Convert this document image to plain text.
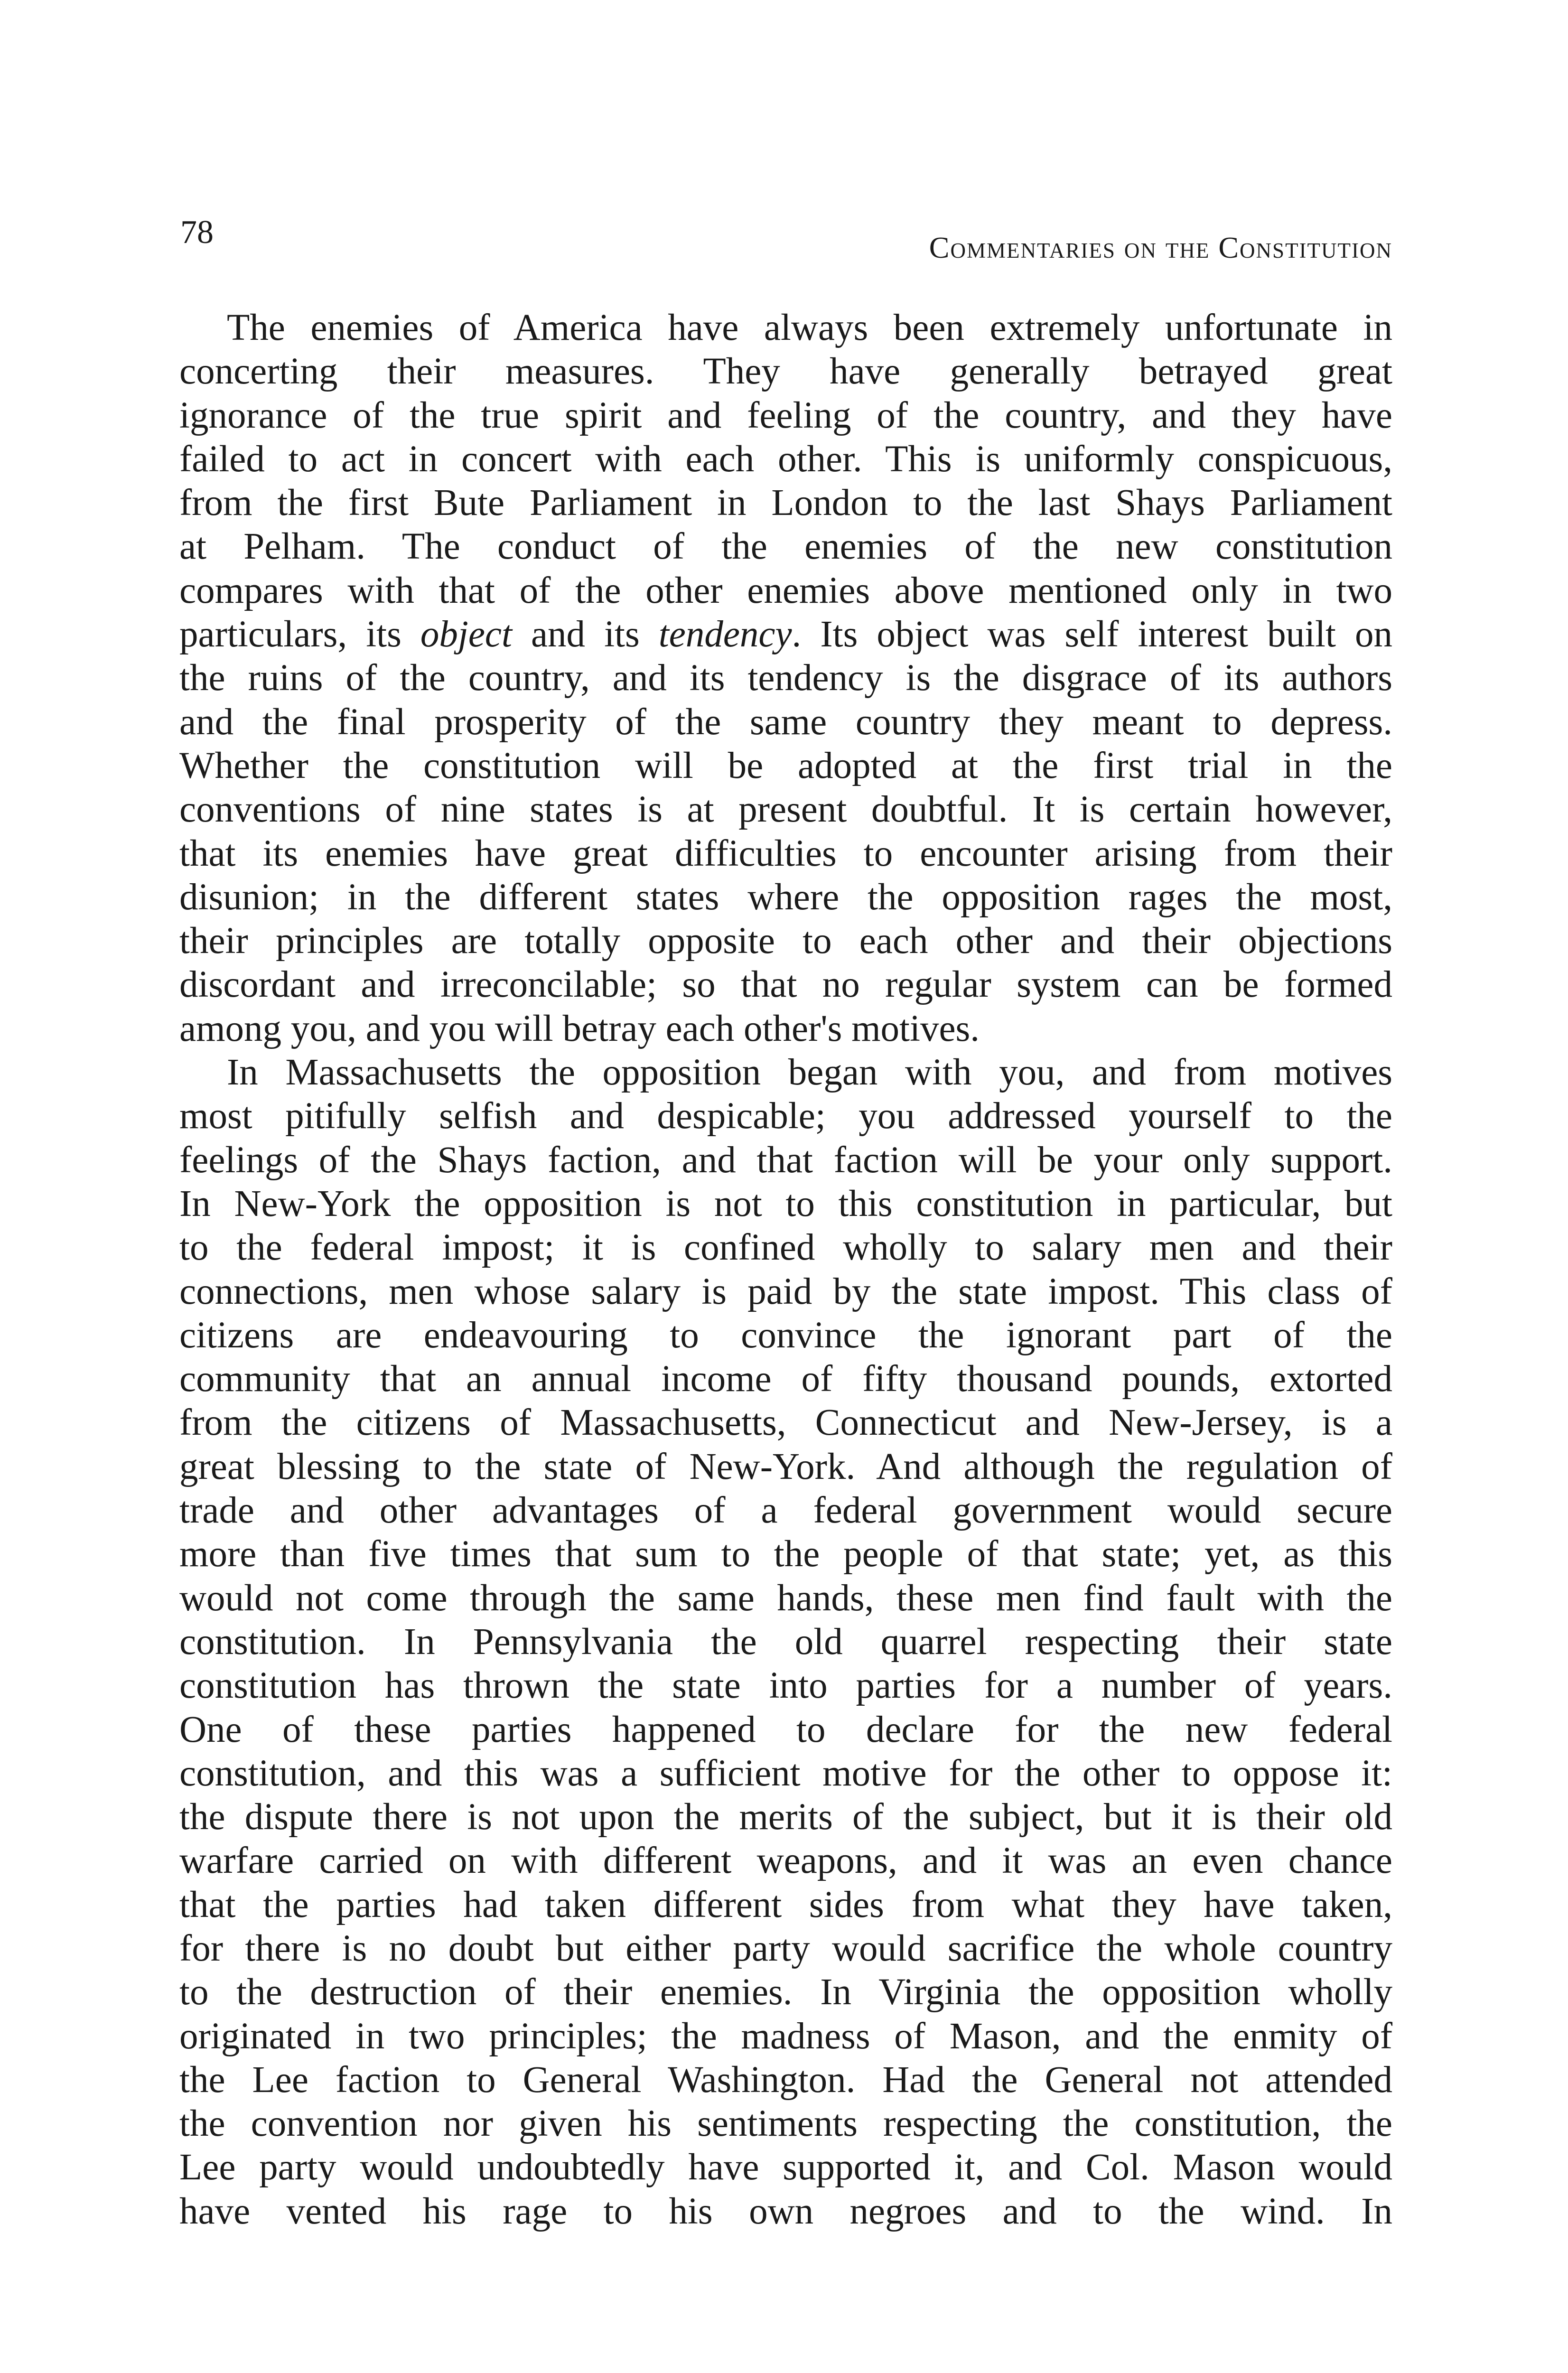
78	Commentaries on the Constitution
The enemies of America have always been extremely unfortunate in
concerting their measures. They have generally betrayed great
ignorance of the true spirit and feeling of the country, and they have
failed to act in concert with each other. This is uniformly conspicuous,
from the first Bute Parliament in London to the last Shays Parliament
at Pelham. The conduct of the enemies of the new constitution
compares with that of the other enemies above mentioned only in two
particulars, its object and its tendency. Its object was self interest built on
the ruins of the country, and its tendency is the disgrace of its authors
and the final prosperity of the same country they meant to depress.
Whether the constitution will be adopted at the first trial in the
conventions of nine states is at present doubtful. It is certain however,
that its enemies have great difficulties to encounter arising from their
disunion; in the different states where the opposition rages the most,
their principles are totally opposite to each other and their objections
discordant and irreconcilable; so that no regular system can be formed
among you, and you will betray each other's motives.
In Massachusetts the opposition began with you, and from motives
most pitifully selfish and despicable; you addressed yourself to the
feelings of the Shays faction, and that faction will be your only support.
In New-York the opposition is not to this constitution in particular, but
to the federal impost; it is confined wholly to salary men and their
connections, men whose salary is paid by the state impost. This class of
citizens are endeavouring to convince the ignorant part of the
community that an annual income of fifty thousand pounds, extorted
from the citizens of Massachusetts, Connecticut and New-Jersey, is a
great blessing to the state of New-York. And although the regulation of
trade and other advantages of a federal government would secure
more than five times that sum to the people of that state; yet, as this
would not come through the same hands, these men find fault with the
constitution. In Pennsylvania the old quarrel respecting their state
constitution has thrown the state into parties for a number of years.
One of these parties happened to declare for the new federal
constitution, and this was a sufficient motive for the other to oppose it:
the dispute there is not upon the merits of the subject, but it is their old
warfare carried on with different weapons, and it was an even chance
that the parties had taken different sides from what they have taken,
for there is no doubt but either party would sacrifice the whole country
to the destruction of their enemies. In Virginia the opposition wholly
originated in two principles; the madness of Mason, and the enmity of
the Lee faction to General Washington. Had the General not attended
the convention nor given his sentiments respecting the constitution, the
Lee party would undoubtedly have supported it, and Col. Mason would
have vented his rage to his own negroes and to the wind. In
